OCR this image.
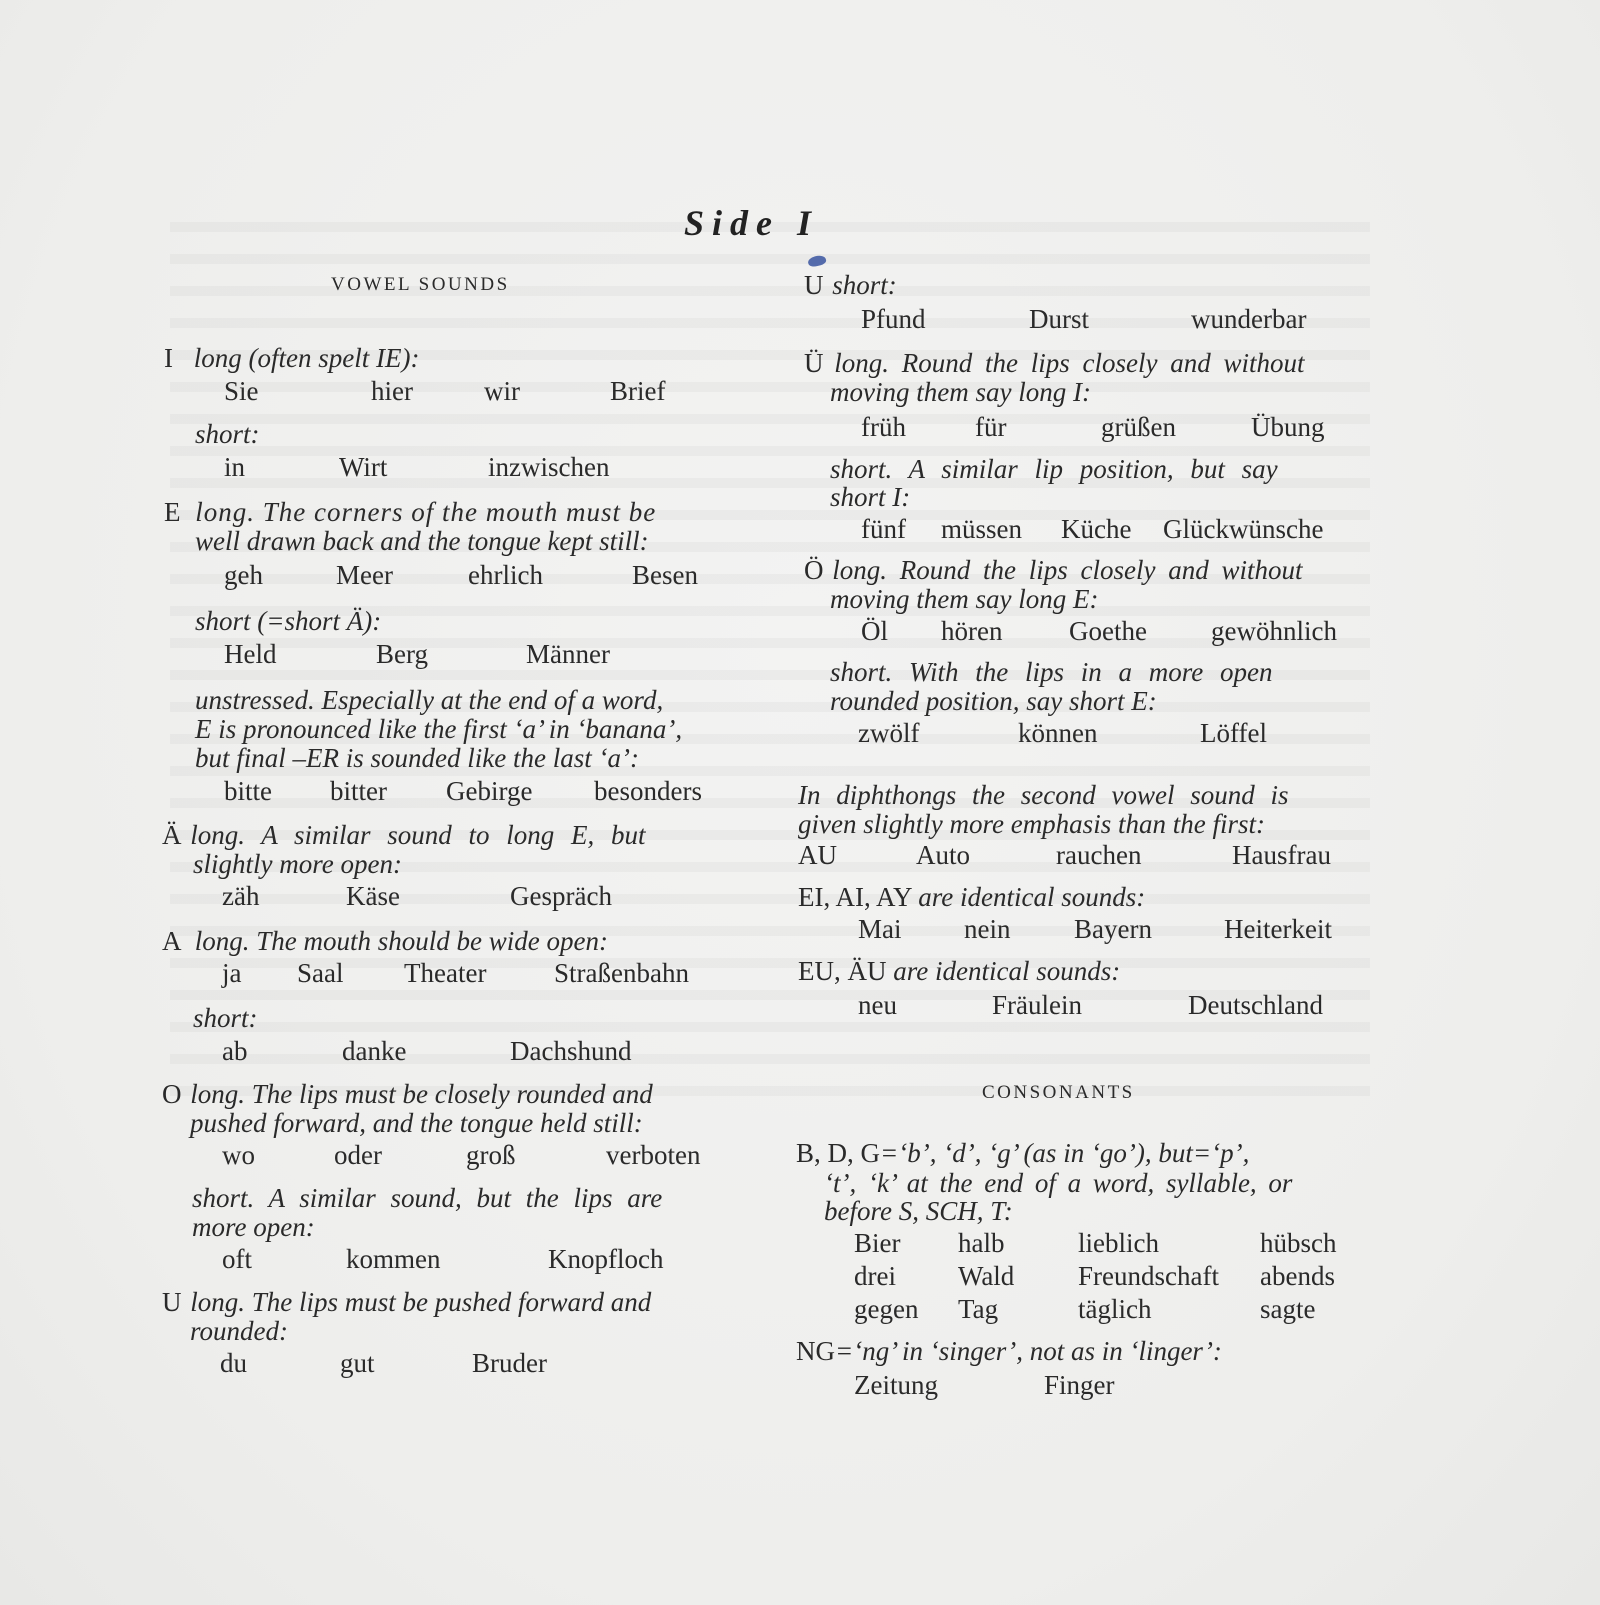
Side I
VOWEL SOUNDS
I long (often spelt IE):
Sie	hier	wir	Brief
short:
in	Wirt	inzwischen
E long. The corners of the mouth must be
well drawn back and the tongue kept still:
geh	Meer	ehrlich	Besen
short (=short Ä):
Held	Berg	Männer
unstressed. Especially at the end of a word,
E is pronounced like the first ‘a’ in ‘banana’,
but final –ER is sounded like the last ‘a’:
bitte bitter Gebirge besonders
Ä long. A similar sound to long E, but
slightly more open:
zäh	Käse	Gespräch
A long. The mouth should be wide open:
ja Saal Theater	Straßenbahn
short:
ab	danke	Dachshund
O long. The lips must be closely rounded and
pushed forward, and the tongue held still:
wo	oder	groß	verboten
short. A similar sound, but the lips are
more open:
oft	kommen	Knopfloch
U long. The lips must be pushed forward and
rounded:
du	gut	Bruder
U short:
Pfund	Durst	wunderbar
Ü long. Round the lips closely and without
moving them say long I:
früh	für	grüßen	Übung
short. A similar lip position, but say
short I:
fünf müssen Küche Glückwünsche
Ö long. Round the lips closely and without
moving them say long E:
Öl hören Goethe gewöhnlich
short. With the lips in a more open
rounded position, say short E:
zwölf	können	Löffel
In diphthongs the second vowel sound is
given slightly more emphasis than the first:
AU	Auto	rauchen	Hausfrau
EI, AI, AY are identical sounds:
Mai nein Bayern	Heiterkeit
EU, ÄU are identical sounds:
neu	Fräulein	Deutschland
CONSONANTS
B, D, G=‘b’, ‘d’, ‘g’ (as in ‘go’), but=‘p’,
‘t’, ‘k’ at the end of a word, syllable, or
before S, SCH, T:
Bier halb	lieblich	hübsch
drei Wald Freundschaft abends
gegen Tag	täglich	sagte
NG=‘ng’ in ‘singer’, not as in ‘linger’:
Zeitung	Finger
